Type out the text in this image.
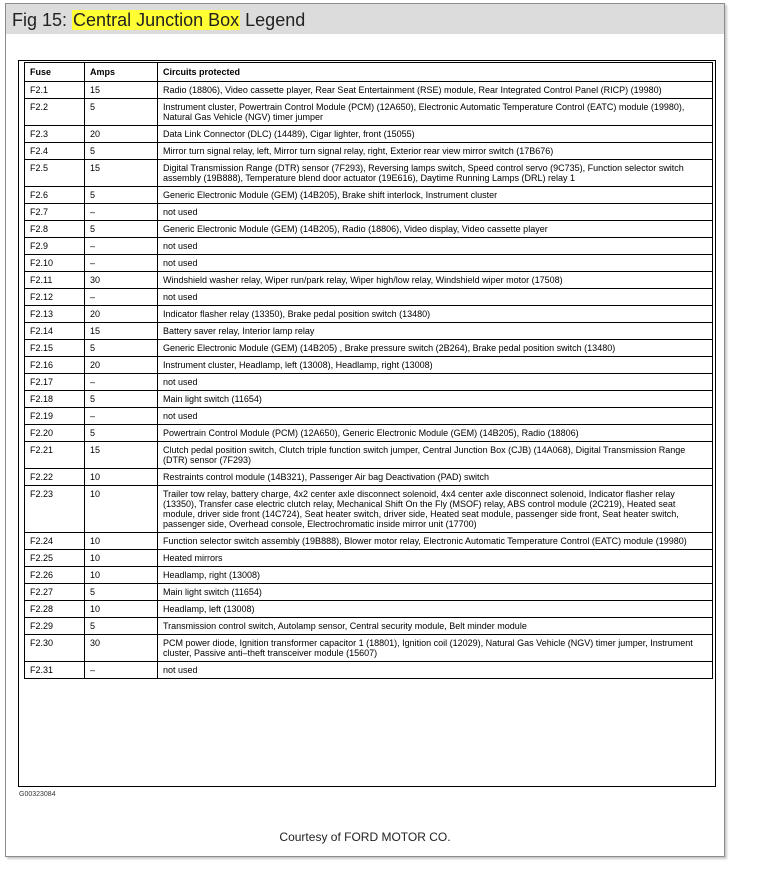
Fig 15: Central Junction Box Legend
Fuse	Amps	Circuits protected
F2.1	15	Radio (18806), Video cassette player, Rear Seat Entertainment (RSE) module, Rear Integrated Control Panel (RICP) (19980)
F2.2	5	Instrument cluster, Powertrain Control Module (PCM) (12A650), Electronic Automatic Temperature Control (EATC) module (19980), Natural Gas Vehicle (NGV) timer jumper
F2.3	20	Data Link Connector (DLC) (14489), Cigar lighter, front (15055)
F2.4	5	Mirror turn signal relay, left, Mirror turn signal relay, right, Exterior rear view mirror switch (17B676)
F2.5	15	Digital Transmission Range (DTR) sensor (7F293), Reversing lamps switch, Speed control servo (9C735), Function selector switch assembly (19B888), Temperature blend door actuator (19E616), Daytime Running Lamps (DRL) relay 1
F2.6	5	Generic Electronic Module (GEM) (14B205), Brake shift interlock, Instrument cluster
F2.7	–	not used
F2.8	5	Generic Electronic Module (GEM) (14B205), Radio (18806), Video display, Video cassette player
F2.9	–	not used
F2.10	–	not used
F2.11	30	Windshield washer relay, Wiper run/park relay, Wiper high/low relay, Windshield wiper motor (17508)
F2.12	–	not used
F2.13	20	Indicator flasher relay (13350), Brake pedal position switch (13480)
F2.14	15	Battery saver relay, Interior lamp relay
F2.15	5	Generic Electronic Module (GEM) (14B205) , Brake pressure switch (2B264), Brake pedal position switch (13480)
F2.16	20	Instrument cluster, Headlamp, left (13008), Headlamp, right (13008)
F2.17	–	not used
F2.18	5	Main light switch (11654)
F2.19	–	not used
F2.20	5	Powertrain Control Module (PCM) (12A650), Generic Electronic Module (GEM) (14B205), Radio (18806)
F2.21	15	Clutch pedal position switch, Clutch triple function switch jumper, Central Junction Box (CJB) (14A068), Digital Transmission Range (DTR) sensor (7F293)
F2.22	10	Restraints control module (14B321), Passenger Air bag Deactivation (PAD) switch
F2.23	10	Trailer tow relay, battery charge, 4x2 center axle disconnect solenoid, 4x4 center axle disconnect solenoid, Indicator flasher relay (13350), Transfer case electric clutch relay, Mechanical Shift On the Fly (MSOF) relay, ABS control module (2C219), Heated seat module, driver side front (14C724), Seat heater switch, driver side, Heated seat module, passenger side front, Seat heater switch, passenger side, Overhead console, Electrochromatic inside mirror unit (17700)
F2.24	10	Function selector switch assembly (19B888), Blower motor relay, Electronic Automatic Temperature Control (EATC) module (19980)
F2.25	10	Heated mirrors
F2.26	10	Headlamp, right (13008)
F2.27	5	Main light switch (11654)
F2.28	10	Headlamp, left (13008)
F2.29	5	Transmission control switch, Autolamp sensor, Central security module, Belt minder module
F2.30	30	PCM power diode, Ignition transformer capacitor 1 (18801), Ignition coil (12029), Natural Gas Vehicle (NGV) timer jumper, Instrument cluster, Passive anti–theft transceiver module (15607)
F2.31	–	not used
G00323084
Courtesy of FORD MOTOR CO.
